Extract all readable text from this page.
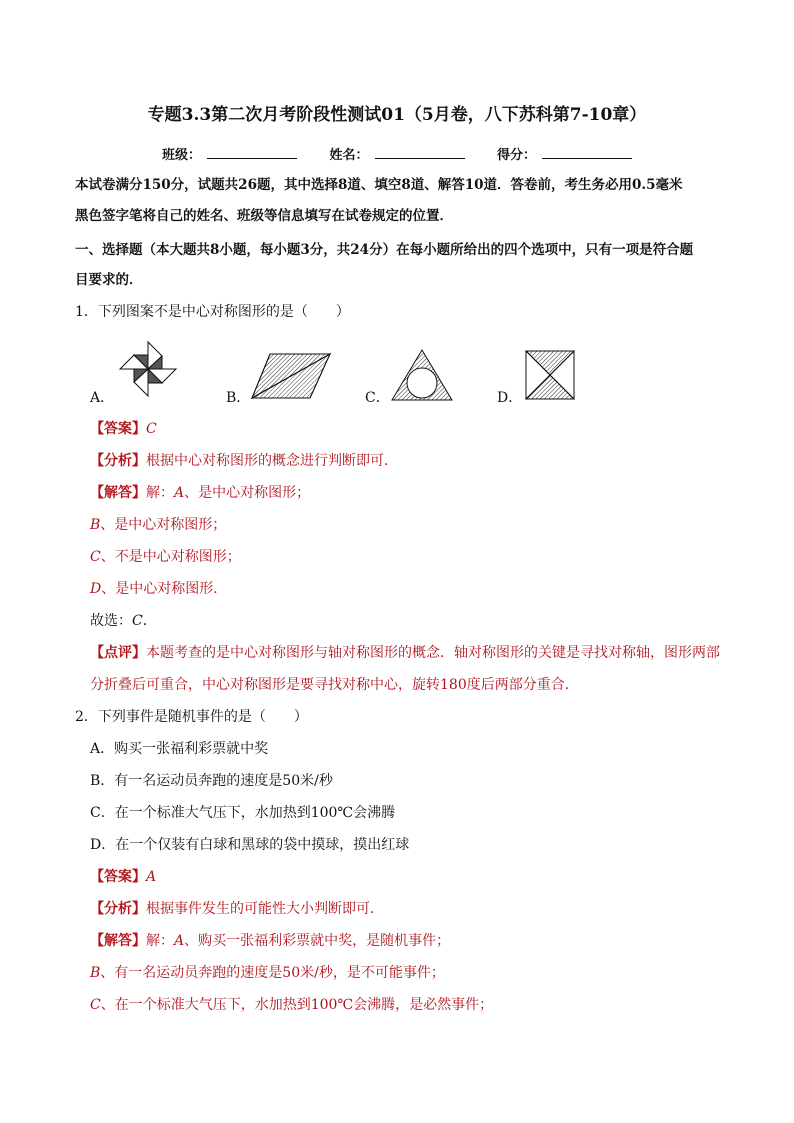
专题3.3第二次月考阶段性测试01（5月卷，八下苏科第7-10章）
班级：	姓名：	得分：
本试卷满分150分，试题共26题，其中选择8道、填空8道、解答10道．答卷前，考生务必用0.5毫米
黑色签字笔将自己的姓名、班级等信息填写在试卷规定的位置．
一、选择题（本大题共8小题，每小题3分，共24分）在每小题所给出的四个选项中，只有一项是符合题
目要求的．
1．下列图案不是中心对称图形的是（　　）
A．	B．	C．	D．
【答案】C
【分析】根据中心对称图形的概念进行判断即可．
【解答】解：A、是中心对称图形；
B、是中心对称图形；
C、不是中心对称图形；
D、是中心对称图形．
故选：C．
【点评】本题考查的是中心对称图形与轴对称图形的概念．轴对称图形的关键是寻找对称轴，图形两部
分折叠后可重合，中心对称图形是要寻找对称中心，旋转180度后两部分重合．
2．下列事件是随机事件的是（　　）
A．购买一张福利彩票就中奖
B．有一名运动员奔跑的速度是50米/秒
C．在一个标准大气压下，水加热到100℃会沸腾
D．在一个仅装有白球和黑球的袋中摸球，摸出红球
【答案】A
【分析】根据事件发生的可能性大小判断即可．
【解答】解：A、购买一张福利彩票就中奖，是随机事件；
B、有一名运动员奔跑的速度是50米/秒，是不可能事件；
C、在一个标准大气压下，水加热到100℃会沸腾，是必然事件；
